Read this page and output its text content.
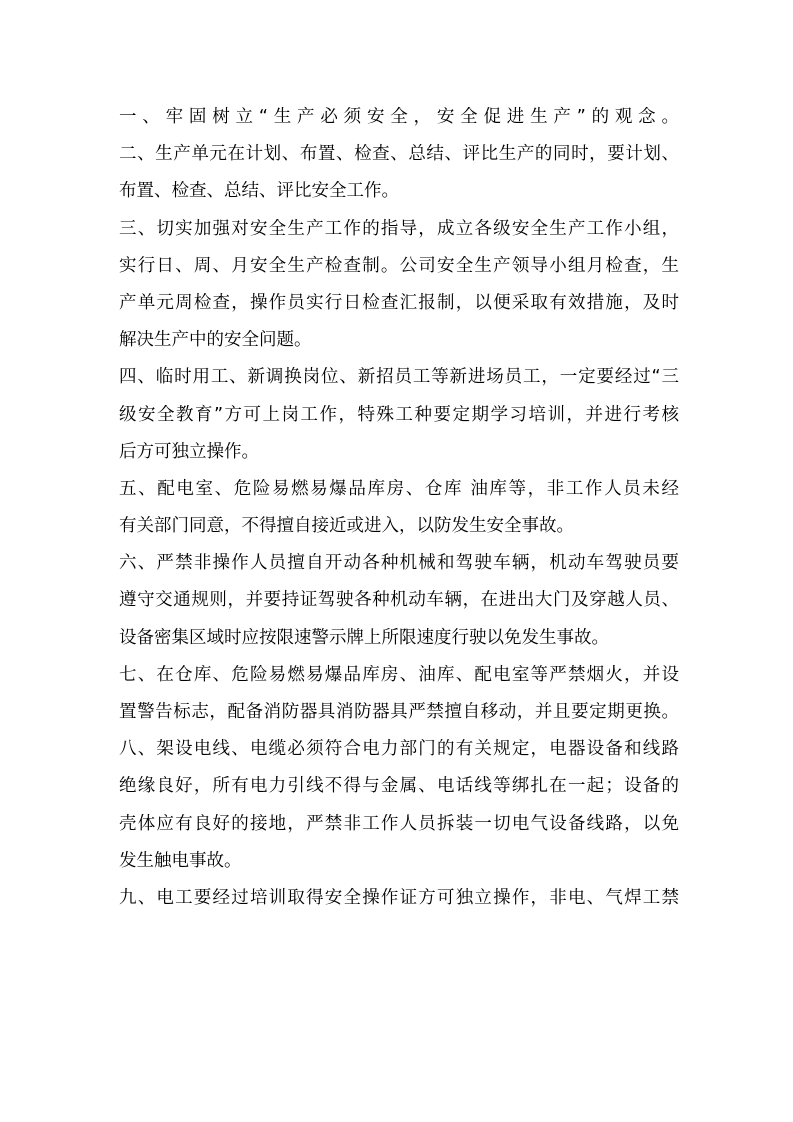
一、牢固树立“生产必须安全，安全促进生产”的观念。
二、生产单元在计划、布置、检查、总结、评比生产的同时，要计划、
布置、检查、总结、评比安全工作。
三、切实加强对安全生产工作的指导，成立各级安全生产工作小组，
实行日、周、月安全生产检查制。公司安全生产领导小组月检查，生
产单元周检查，操作员实行日检查汇报制，以便采取有效措施，及时
解决生产中的安全问题。
四、临时用工、新调换岗位、新招员工等新进场员工，一定要经过“三
级安全教育”方可上岗工作，特殊工种要定期学习培训，并进行考核
后方可独立操作。
五、配电室、危险易燃易爆品库房、仓库 油库等，非工作人员未经
有关部门同意，不得擅自接近或进入，以防发生安全事故。
六、严禁非操作人员擅自开动各种机械和驾驶车辆，机动车驾驶员要
遵守交通规则，并要持证驾驶各种机动车辆，在进出大门及穿越人员、
设备密集区域时应按限速警示牌上所限速度行驶以免发生事故。
七、在仓库、危险易燃易爆品库房、油库、配电室等严禁烟火，并设
置警告标志，配备消防器具消防器具严禁擅自移动，并且要定期更换。
八、架设电线、电缆必须符合电力部门的有关规定，电器设备和线路
绝缘良好，所有电力引线不得与金属、电话线等绑扎在一起；设备的
壳体应有良好的接地，严禁非工作人员拆装一切电气设备线路，以免
发生触电事故。
九、电工要经过培训取得安全操作证方可独立操作，非电、气焊工禁
